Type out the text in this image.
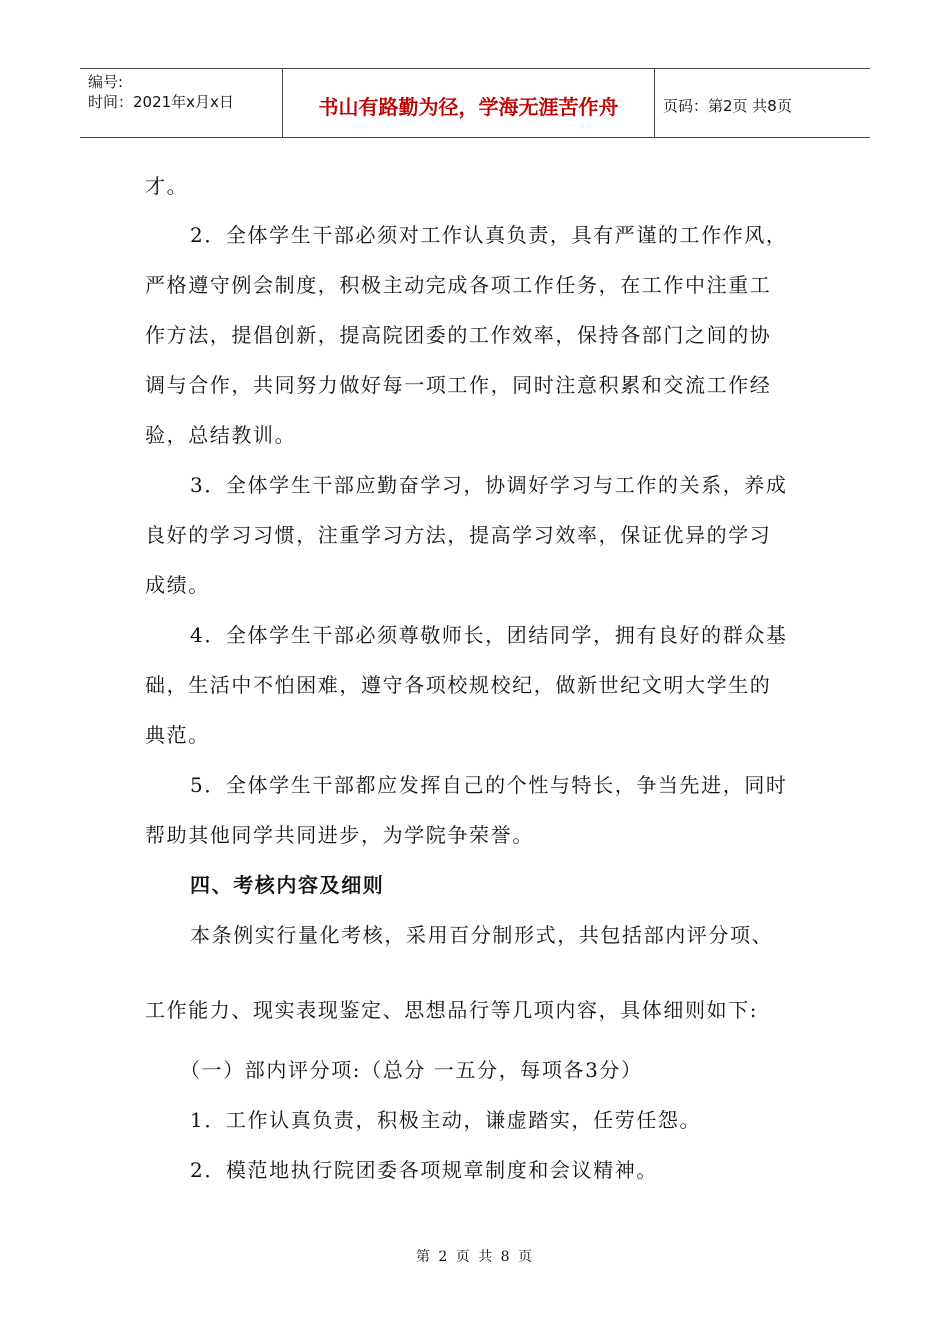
编号:
时间：2021年x月x日	书山有路勤为径，学海无涯苦作舟	页码：第2页 共8页
才。
2．全体学生干部必须对工作认真负责，具有严谨的工作作风，
严格遵守例会制度，积极主动完成各项工作任务，在工作中注重工
作方法，提倡创新，提高院团委的工作效率，保持各部门之间的协
调与合作，共同努力做好每一项工作，同时注意积累和交流工作经
验，总结教训。
3．全体学生干部应勤奋学习，协调好学习与工作的关系，养成
良好的学习习惯，注重学习方法，提高学习效率，保证优异的学习
成绩。
4．全体学生干部必须尊敬师长，团结同学，拥有良好的群众基
础，生活中不怕困难，遵守各项校规校纪，做新世纪文明大学生的
典范。
5．全体学生干部都应发挥自己的个性与特长，争当先进，同时
帮助其他同学共同进步，为学院争荣誉。
四、考核内容及细则
本条例实行量化考核，采用百分制形式，共包括部内评分项、
工作能力、现实表现鉴定、思想品行等几项内容，具体细则如下:
（一）部内评分项:（总分 一五分，每项各3分）
1．工作认真负责，积极主动，谦虚踏实，任劳任怨。
2．模范地执行院团委各项规章制度和会议精神。
第 2 页 共 8 页
